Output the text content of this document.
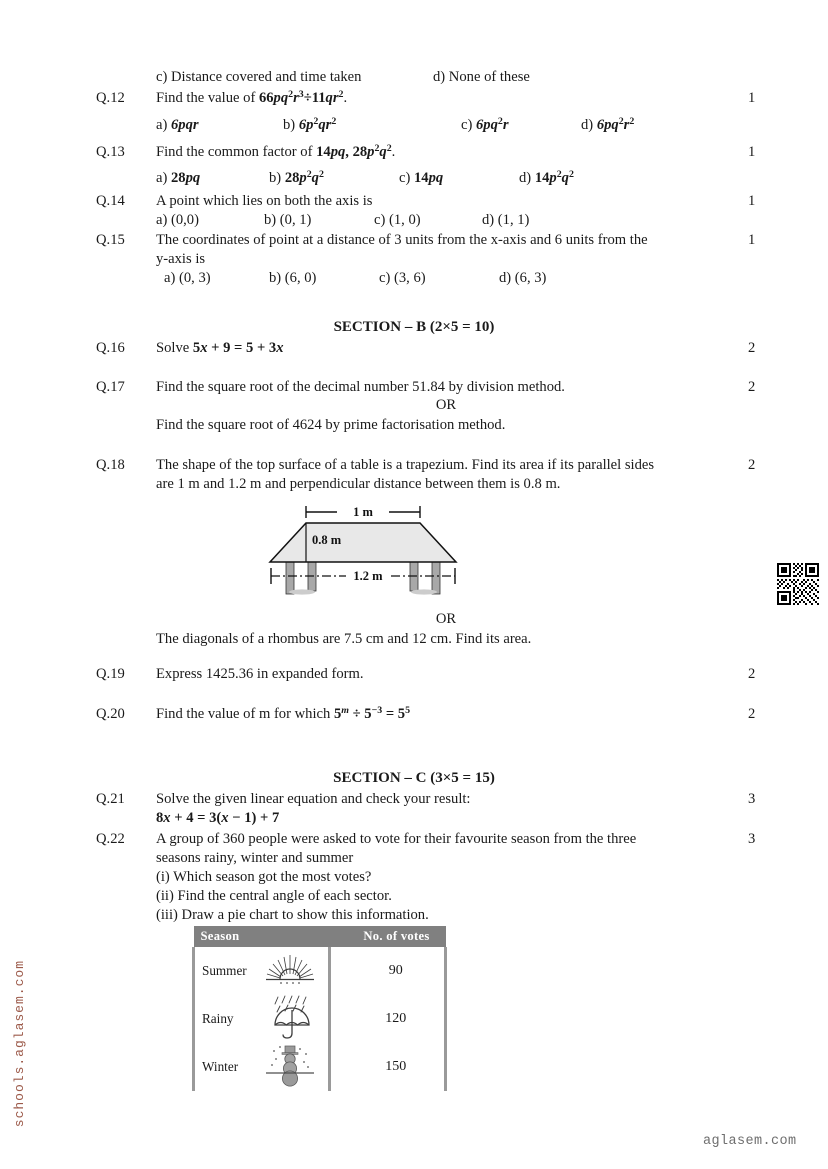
c) Distance covered and time taken	d) None of these
Q.12	Find the value of $66pq^2r^3\div 11qr^2$.	1
a) 6pqr	b) $6p^2qr^2$	c) $6pq^2r$	d) $6pq^2r^2$
Q.13	Find the common factor of 14pq, $28p^2q^2$.	1
a) 28pq	b) $28p^2q^2$	c) 14pq	d) $14p^2q^2$
Q.14	A point which lies on both the axis is	1
a) (0,0)	b) (0, 1)	c) (1, 0)	d) (1, 1)
Q.15	The coordinates of point at a distance of 3 units from the x-axis and 6 units from the
y-axis is
1
a) (0, 3)	b) (6, 0)	c) (3, 6)	d) (6, 3)
SECTION – B (2×5 = 10)
Q.16	Solve 5x + 9 = 5 + 3x	2
Q.17	Find the square root of the decimal number 51.84 by division method.	2
OR
Find the square root of 4624 by prime factorisation method.
Q.18	The shape of the top surface of a table is a trapezium. Find its area if its parallel sides
are 1 m and 1.2 m and perpendicular distance between them is 0.8 m.
2
1 m
0.8 m
1.2 m
OR
The diagonals of a rhombus are 7.5 cm and 12 cm. Find its area.
Q.19	Express 1425.36 in expanded form.	2
Q.20	Find the value of m for which $5^m \div 5^{-3} = 5^5$	2
SECTION – C (3×5 = 15)
Q.21	Solve the given linear equation and check your result:
8x + 4 = 3(x − 1) + 7
3
Q.22	A group of 360 people were asked to vote for their favourite season from the three
seasons rainy, winter and summer
(i) Which season got the most votes?
(ii) Find the central angle of each sector.
(iii) Draw a pie chart to show this information.
3
Season		No. of votes

Summer		90

Rainy		120

Winter		150
schools.aglasem.com
aglasem.com
